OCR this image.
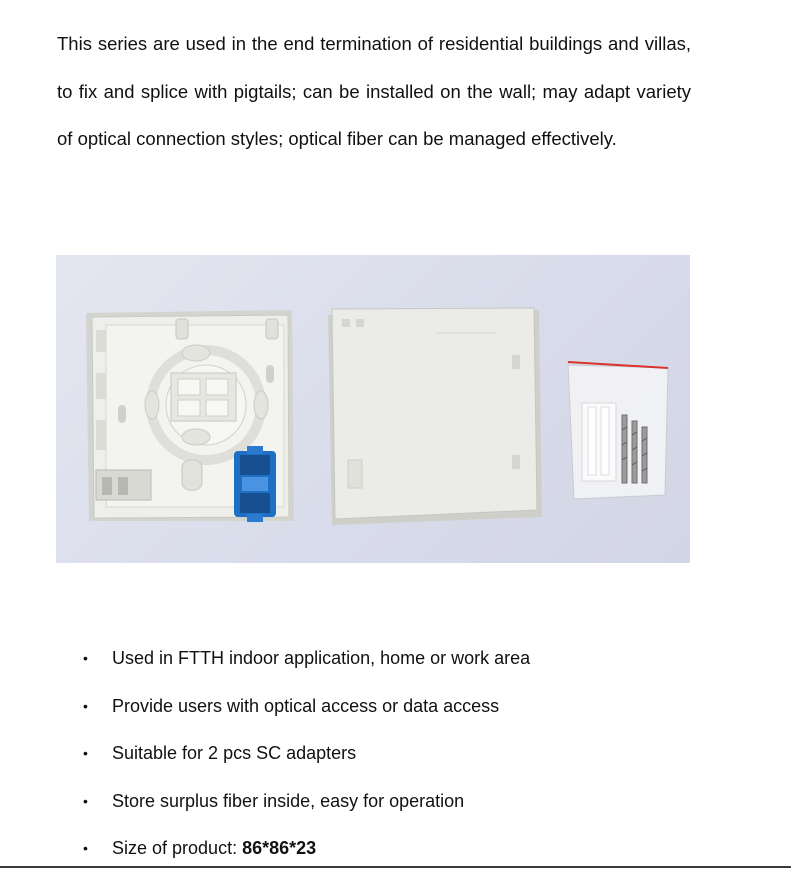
This series are used in the end termination of residential buildings and villas, to fix and splice with pigtails; can be installed on the wall; may adapt variety of optical connection styles; optical fiber can be managed effectively.

• Used in FTTH indoor application, home or work area
• Provide users with optical access or data access
• Suitable for 2 pcs SC adapters
• Store surplus fiber inside, easy for operation
• Size of product: 86*86*23
